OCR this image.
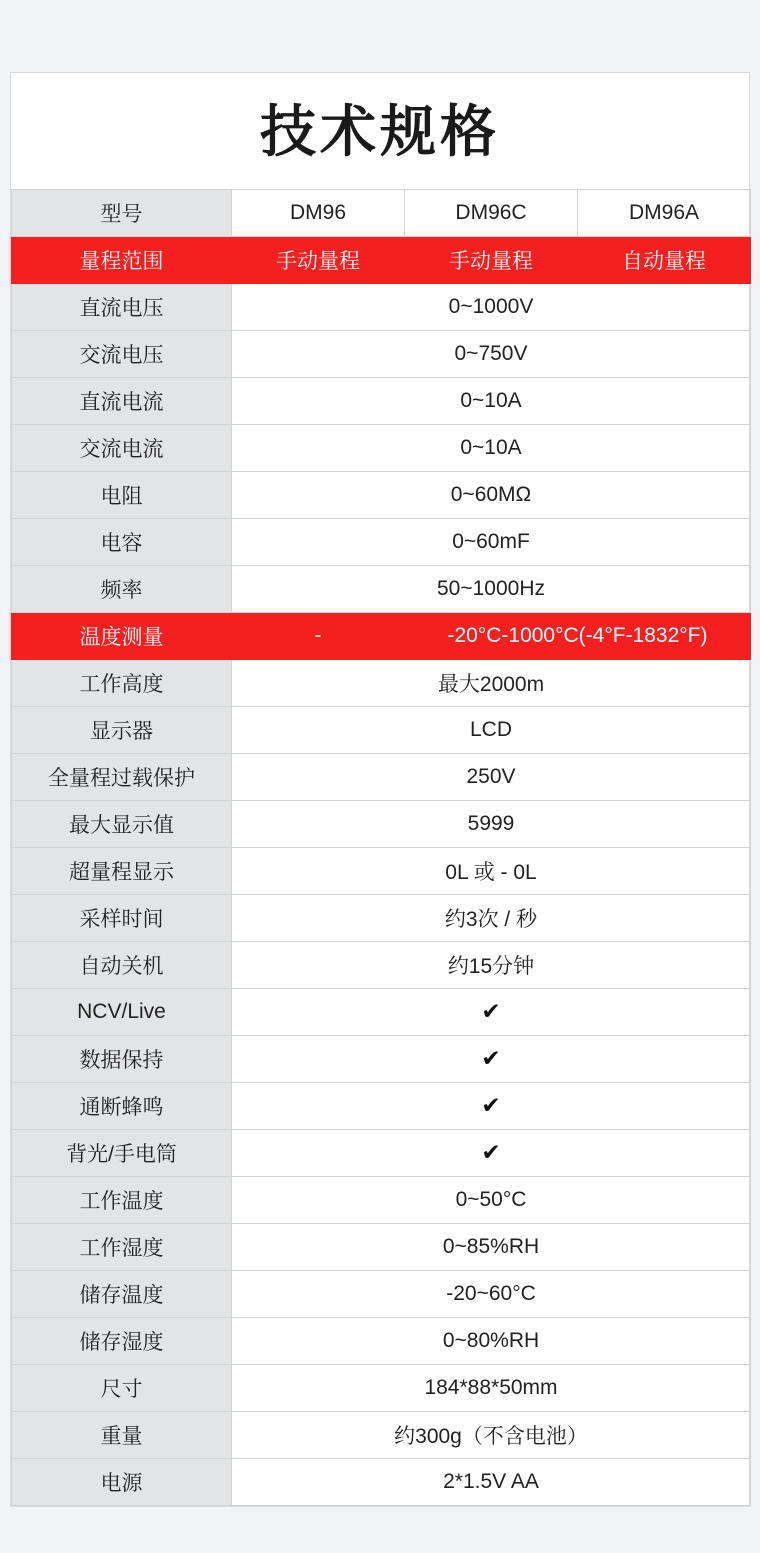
技术规格
型号	DM96	DM96C	DM96A
量程范围	手动量程	手动量程	自动量程
直流电压	0~1000V		
交流电压	0~750V		
直流电流	0~10A		
交流电流	0~10A		
电阻	0~60MΩ		
电容	0~60mF		
频率	50~1000Hz		
温度测量	-	-20°C-1000°C(-4°F-1832°F)	
工作高度	最大2000m		
显示器	LCD		
全量程过载保护	250V		
最大显示值	5999		
超量程显示	0L 或 - 0L		
采样时间	约3次 / 秒		
自动关机	约15分钟		
NCV/Live	✔		
数据保持	✔		
通断蜂鸣	✔		
背光/手电筒	✔		
工作温度	0~50°C		
工作湿度	0~85%RH		
储存温度	-20~60°C		
储存湿度	0~80%RH		
尺寸	184*88*50mm		
重量	约300g（不含电池）		
电源	2*1.5V AA		
